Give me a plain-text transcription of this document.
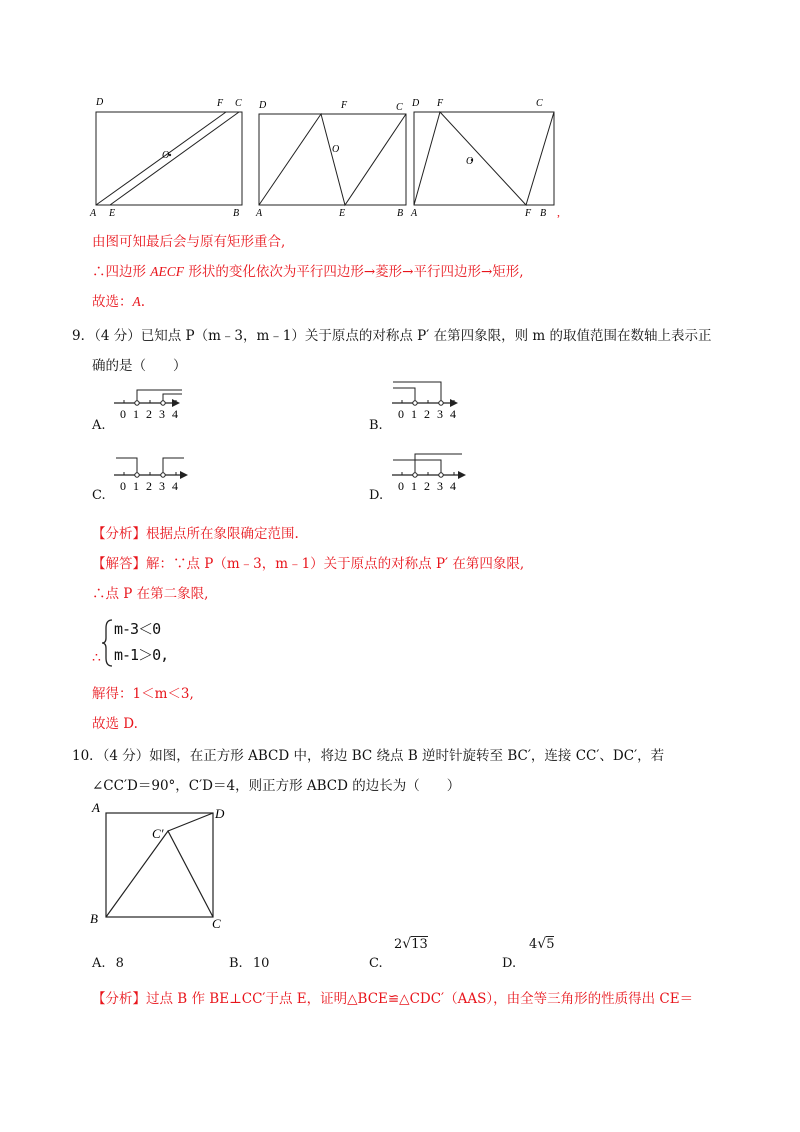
D	F C
O
A E	B
D	F	C
O
A	E	B
D F	C
O
A	F B ,
由图可知最后会与原有矩形重合,
∴四边形 AECF 形状的变化依次为平行四边形→菱形→平行四边形→矩形,
故选：A.
9．（4 分）已知点 P（m﹣3，m﹣1）关于原点的对称点 P′ 在第四象限，则 m 的取值范围在数轴上表示正
确的是（　　）
A.
0 1 2 3 4
B.
0 1 2 3 4
C.
0 1 2 3 4
D.
0 1 2 3 4
【分析】根据点所在象限确定范围.
【解答】解：∵点 P（m﹣3，m﹣1）关于原点的对称点 P′ 在第四象限,
∴点 P 在第二象限,
∴
m-3＜0
m-1＞0,
解得：1＜m＜3,
故选 D.
10．（4 分）如图，在正方形 ABCD 中，将边 BC 绕点 B 逆时针旋转至 BC′，连接 CC′、DC′，若
∠CC′D＝90°，C′D＝4，则正方形 ABCD 的边长为（　　）
A	D
C′
B	C
A. 8	B. 10	C.
2√13
D.
4√5
【分析】过点 B 作 BE⊥CC′于点 E，证明△BCE≌△CDC′（AAS），由全等三角形的性质得出 CE＝
